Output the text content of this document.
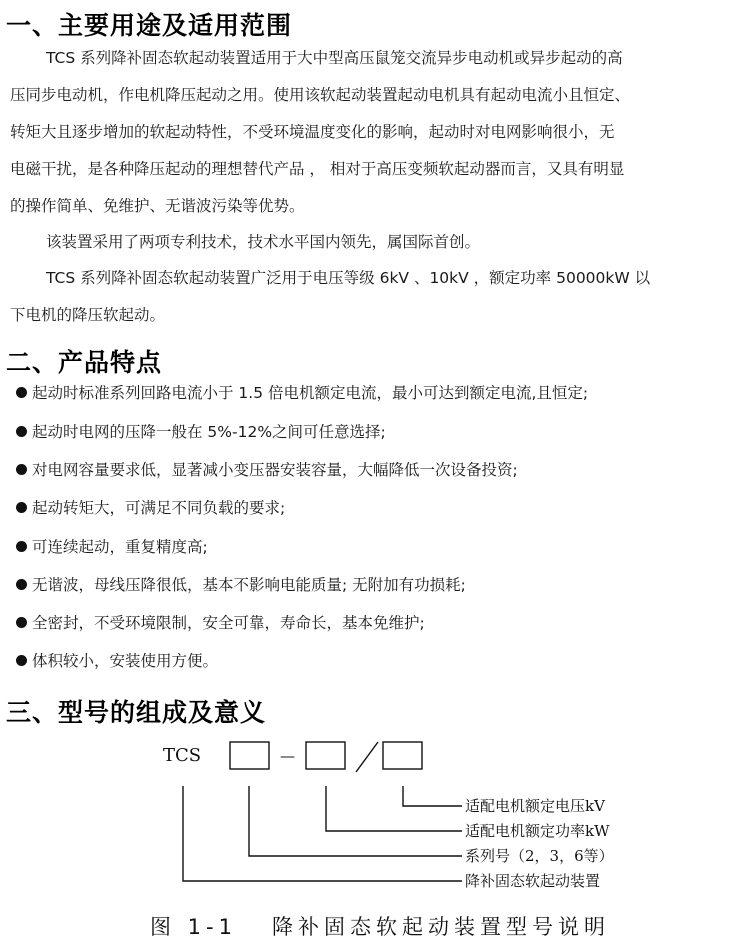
一、主要用途及适用范围

TCS 系列降补固态软起动装置适用于大中型高压鼠笼交流异步电动机或异步起动的高

压同步电动机，作电机降压起动之用。使用该软起动装置起动电机具有起动电流小且恒定、

转矩大且逐步增加的软起动特性，不受环境温度变化的影响，起动时对电网影响很小，无

电磁干扰，是各种降压起动的理想替代产品 ， 相对于高压变频软起动器而言，又具有明显

的操作简单、免维护、无谐波污染等优势。

该装置采用了两项专利技术，技术水平国内领先，属国际首创。

TCS 系列降补固态软起动装置广泛用于电压等级 6kV 、10kV ，额定功率 50000kW 以

下电机的降压软起动。

二、产品特点

起动时标准系列回路电流小于 1.5 倍电机额定电流，最小可达到额定电流,且恒定;

起动时电网的压降一般在 5%-12%之间可任意选择;

对电网容量要求低，显著减小变压器安装容量，大幅降低一次设备投资;

起动转矩大，可满足不同负载的要求;

可连续起动，重复精度高;

无谐波，母线压降很低，基本不影响电能质量; 无附加有功损耗;

全密封，不受环境限制，安全可靠，寿命长，基本免维护;

体积较小，安装使用方便。

三、型号的组成及意义
TCS	—
适配电机额定电压kV
适配电机额定功率kW
系列号（2，3，6等）
降补固态软起动装置
图 1-1   降补固态软起动装置型号说明
